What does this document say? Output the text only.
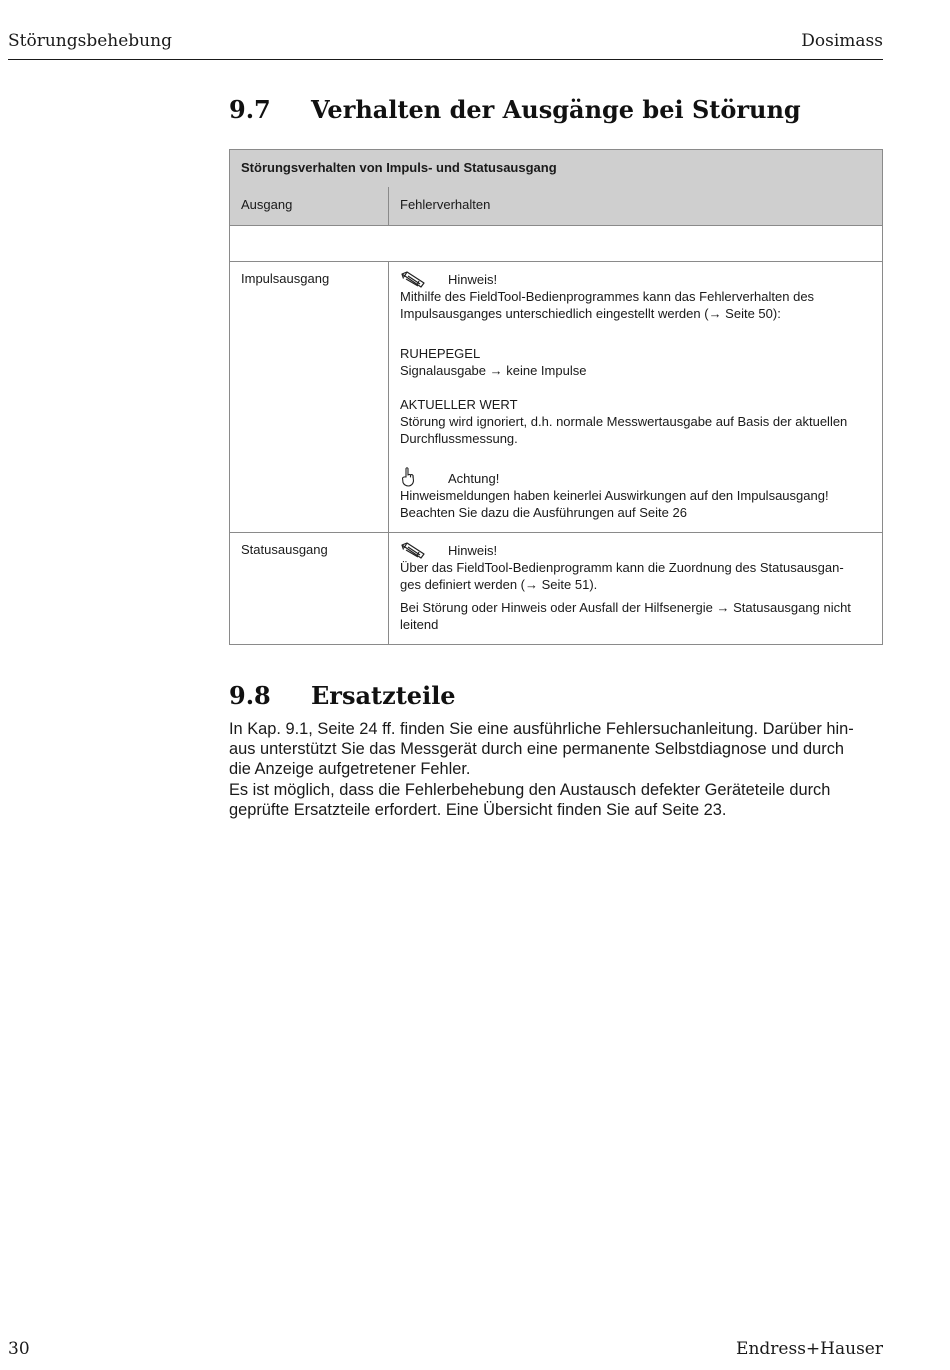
Störungsbehebung	Dosimass
9.7 Verhalten der Ausgänge bei Störung
Störungsverhalten von Impuls- und Statusausgang
Ausgang	Fehlerverhalten
Impulsausgang	Hinweis!

Mithilfe des FieldTool-Bedienprogrammes kann das Fehlerverhalten des

Impulsausganges unterschiedlich eingestellt werden (→ Seite 50):

RUHEPEGEL

Signalausgabe → keine Impulse

AKTUELLER WERT

Störung wird ignoriert, d.h. normale Messwertausgabe auf Basis der aktuellen

Durchflussmessung.

Achtung!

Hinweismeldungen haben keinerlei Auswirkungen auf den Impulsausgang!

Beachten Sie dazu die Ausführungen auf Seite 26

Statusausgang	Hinweis!

Über das FieldTool-Bedienprogramm kann die Zuordnung des Statusausgan-

ges definiert werden (→ Seite 51).

Bei Störung oder Hinweis oder Ausfall der Hilfsenergie → Statusausgang nicht

leitend

9.8 Ersatzteile

In Kap. 9.1, Seite 24 ff. finden Sie eine ausführliche Fehlersuchanleitung. Darüber hin-

aus unterstützt Sie das Messgerät durch eine permanente Selbstdiagnose und durch

die Anzeige aufgetretener Fehler.

Es ist möglich, dass die Fehlerbehebung den Austausch defekter Geräteteile durch

geprüfte Ersatzteile erfordert. Eine Übersicht finden Sie auf Seite 23.

30	Endress+Hauser
